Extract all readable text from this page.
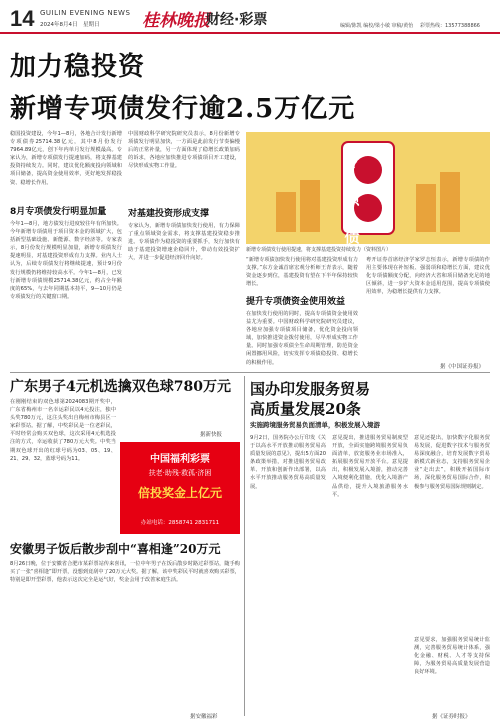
14 GUILIN EVENING NEWS
2024年8月4日　星期日	桂林晚报
财经·彩票	编辑/陈凯 编校/梁小敏 审稿/黄怡 彩票热线：13577388866
加力稳投资
新增专项债发行逾2.5万亿元
稳国投资建设，今年1—8月，各地合计发行新增专项债券25714.38亿元，其中8月份发行7964.89亿元，创下年内单月发行规模最高。专家认为，新增专项债发行提速加码，将支撑基建投资持续发力。同时，建议优化额度投向领域和项目储备，提高资金使用效率，更好地发挥稳投资、稳增长作用。
8月专项债发行明显加量
今年1—8月，地方债发行进度较往年有所加快。今年新增专项债用于项目资本金的领域扩大，包括新型基础设施、新能源、数字经济等。专家表示，8月份发行规模明显加量，新增专项债发行提速明显，对基建投资形成有力支撑。业内人士认为，后续专项债发行将继续提速，预计9月份发行规模仍将维持较高水平。今年1—8月，已发行新增专项债规模25714.38亿元，约占全年额度的65%，与去年同期基本持平，9—10月仍是专项债发行的关键窗口期。
中国财政科学研究院研究员表示，8月份新增专项债发行明显加快，一方面是此前发行节奏偏慢后的正常补量，另一方面体现了稳增长政策加码的诉求，各地应加快推进专项债项目开工建设，尽快形成实物工作量。
对基建投资形成支撑
专家认为，新增专项债加快发行使用，有力保障了重点领域资金需求，将支撑基建投资稳步推进。专项债作为稳投资的重要抓手，发行加快有助于基建投资增速企稳回升，带动有效投资扩大，并进一步促进经济回升向好。
专项债
新增专项债发行使用提速，将支撑基建投资持续发力（资料图片）
“新增专项债加快发行使用将对基建投资形成有力支撑。”东方金诚首席宏观分析师王青表示，随着资金逐步到位，基建投资有望在下半年保持较快增长。
提升专项债资金使用效益
在加快发行使用的同时，提高专项债资金使用效益尤为重要。中国财政科学研究院研究员建议，各地应加强专项债项目储备，优化资金投向领域，加快推进资金拨付使用，尽早形成实物工作量。同时加强专项债全生命周期管理，防范资金闲置挪用风险，切实发挥专项债稳投资、稳增长的积极作用。
粤开证券首席经济学家罗志恒表示，新增专项债的作用主要体现在补短板、强弱项和稳增长方面，建议优化专项债额度分配，向经济大省和项目储备充足的地区倾斜，进一步扩大资本金适用范围，提高专项债使用效率，为稳增长提供有力支撑。
据《中国证券报》
广东男子4元机选擒双色球780万元
在刚刚结束的双色球第2024083期开奖中，广东省梅州市一名幸运彩民以4元投注，独中头奖780万元，这注头奖出自梅州市梅县区一家彩票站。据了解，中奖彩民是一位老彩民，平时经常会购买双色球，这次采用4元机选投注的方式，幸运收获了780万元大奖。中奖当期双色球开出的红球号码为03、05、19、21、29、32，蓝球号码为11。
据新快报
中国福利彩票
扶老·助残·救孤·济困
倍投奖金上亿元
办站电话：2858741 2831711
安徽男子饭后散步刮中“喜相逢”20万元
8月26日晚，位于安徽省合肥市某彩票站传来喜讯，一位中年男子在饭后散步时路过彩票站，随手购买了一张“喜相逢”即开票，没想到竟刮中了20万元大奖。据了解，该中奖彩民平时就喜欢购买彩票，特别是即开型彩票，他表示这次完全是运气好，奖金会用于改善家庭生活。
据安徽福彩
国办印发服务贸易
高质量发展20条
实施跨境服务贸易负面清单，积极发展入境游
9月2日，国务院办公厅印发《关于以高水平开放推动服务贸易高质量发展的意见》，提出5方面20条政策举措，对推进服务贸易改革、开放和创新作出部署，以高水平开放推动服务贸易高质量发展。
意见提出，推进服务贸易制度型开放，全面实施跨境服务贸易负面清单，放宽服务业市场准入，拓展服务贸易开放平台。意见提出，积极发展入境游，推动完善入境便利化措施，优化入境游产品供给，提升入境旅游服务水平。
意见还提出，加快数字化服务贸易发展，促进数字技术与服务贸易深度融合，培育发展数字贸易新模式新业态，支持服务贸易企业“走出去”，积极开拓国际市场，深化服务贸易国际合作，积极参与服务贸易国际规则制定。
意见要求，加强服务贸易统计监测，完善服务贸易统计体系，强化金融、财税、人才等支持保障，为服务贸易高质量发展营造良好环境。
据《证券时报》
